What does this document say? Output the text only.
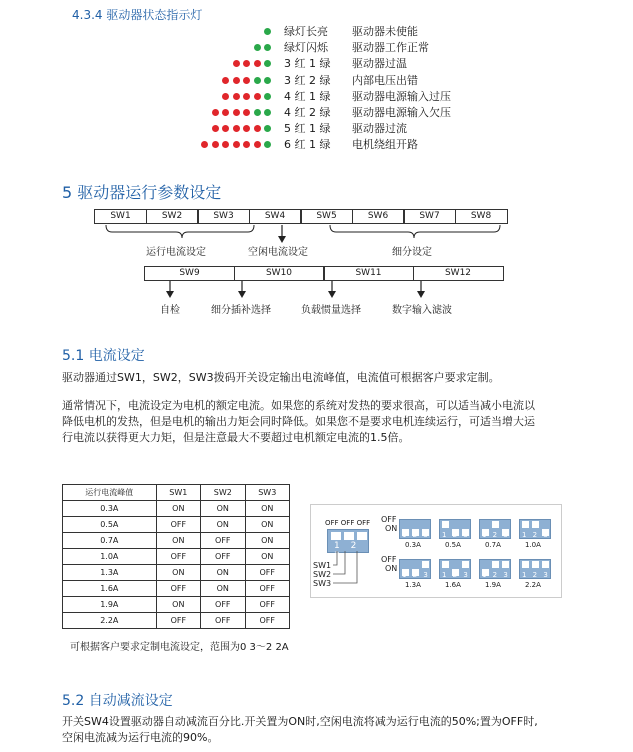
4.3.4 驱动器状态指示灯
绿灯长亮 驱动器未使能
绿灯闪烁 驱动器工作正常
3 红 1 绿 驱动器过温
3 红 2 绿 内部电压出错
4 红 1 绿 驱动器电源输入过压
4 红 2 绿 驱动器电源输入欠压
5 红 1 绿 驱动器过流
6 红 1 绿 电机绕组开路
5 驱动器运行参数设定
SW1	SW2	SW3	SW4	SW5	SW6	SW7	SW8
运行电流设定	空闲电流设定	细分设定
SW9	SW10	SW11	SW12
自检	细分插补选择	负载惯量选择	数字输入滤波
5.1 电流设定
驱动器通过SW1，SW2，SW3拨码开关设定输出电流峰值，电流值可根据客户要求定制。
通常情况下，电流设定为电机的额定电流。如果您的系统对发热的要求很高，可以适当减小电流以
降低电机的发热，但是电机的输出力矩会同时降低。如果您不是要求电机连续运行，可适当增大运
行电流以获得更大力矩，但是注意最大不要超过电机额定电流的1.5倍。
运行电流峰值	SW1	SW2	SW3
0.3A	ON	ON	ON
0.5A	OFF	ON	ON
0.7A	ON	OFF	ON
1.0A	OFF	OFF	ON
1.3A	ON	ON	OFF
1.6A	OFF	ON	OFF
1.9A	ON	OFF	OFF
2.2A	OFF	OFF	OFF
OFF OFF OFF
1 2 3
SW1
SW2
SW3
OFF
ON
OFF
ON
1 2 3
0.3A
1 2 3
0.5A
1 2 3
0.7A
1 2 3
1.0A
1 2 3
1.3A
1 2 3
1.6A
1 2 3
1.9A
1 2 3
2.2A
可根据客户要求定制电流设定，范围为0 3～2 2A
5.2 自动减流设定
开关SW4设置驱动器自动减流百分比.开关置为ON时,空闲电流将减为运行电流的50%;置为OFF时,
空闲电流减为运行电流的90%。
